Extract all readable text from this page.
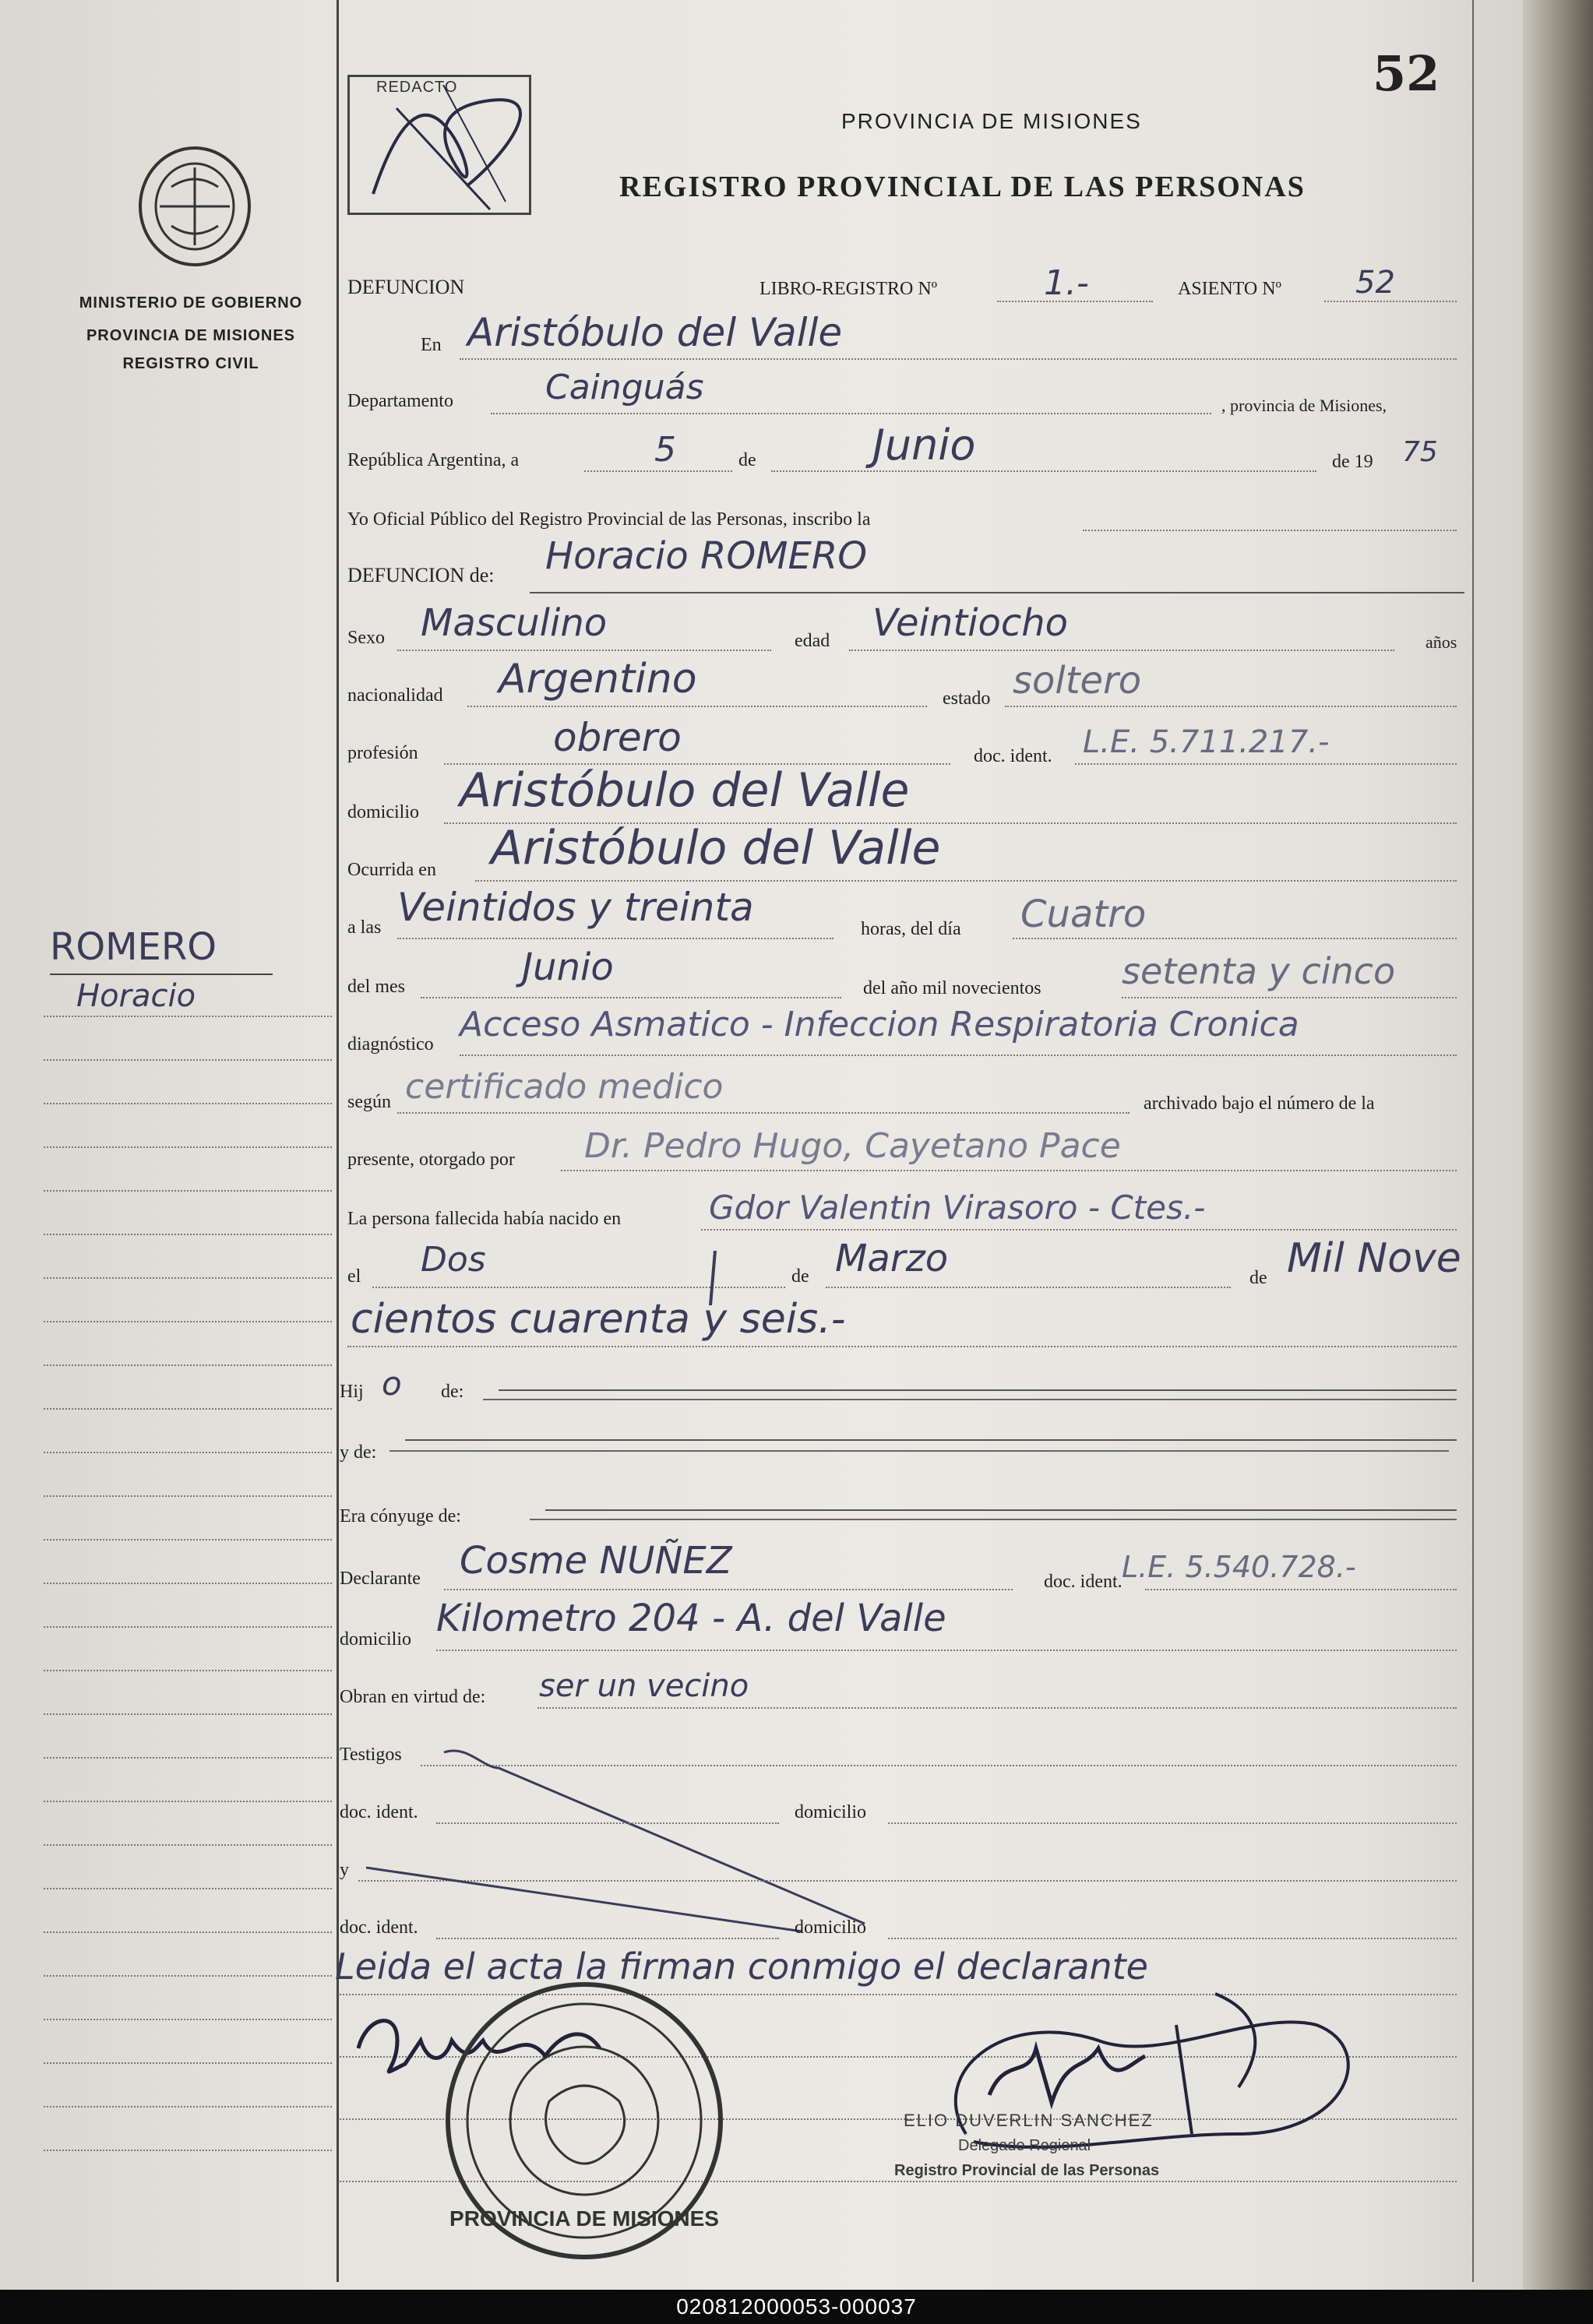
52
REDACTO
MINISTERIO DE GOBIERNO
PROVINCIA DE MISIONES
REGISTRO CIVIL
PROVINCIA DE MISIONES
REGISTRO PROVINCIAL DE LAS PERSONAS
DEFUNCION	LIBRO-REGISTRO Nº	1.-	ASIENTO Nº 52
En Aristóbulo del Valle
Departamento	Cainguás	, provincia de Misiones,
República Argentina, a	5	de	Junio	de 19 75
Yo Oficial Público del Registro Provincial de las Personas, inscribo la
DEFUNCION de: Horacio ROMERO
Sexo Masculino	edad Veintiocho	años
nacionalidad Argentino	estado soltero
profesión	obrero	doc. ident. L.E. 5.711.217.-
domicilio Aristóbulo del Valle
Ocurrida en Aristóbulo del Valle
a las Veintidos y treinta	horas, del día Cuatro
del mes	Junio	del año mil novecientos setenta y cinco
diagnóstico Acceso Asmatico - Infeccion Respiratoria Cronica
según certificado medico	archivado bajo el número de la
presente, otorgado por Dr. Pedro Hugo, Cayetano Pace
La persona fallecida había nacido en	Gdor Valentin Virasoro - Ctes.-
el Dos	de Marzo	de Mil Nove
cientos cuarenta y seis.-
Hij o de:
y de:
Era cónyuge de:
Declarante Cosme NUÑEZ	doc. ident. L.E. 5.540.728.-
domicilio Kilometro 204 - A. del Valle
Obran en virtud de: ser un vecino
Testigos
doc. ident.	domicilio
y
doc. ident.	domicilio
Leida el acta la firman conmigo el declarante
PROVINCIA DE MISIONES
ELIO DUVERLIN SANCHEZ
Delegado Regional
Registro Provincial de las Personas
ROMERO
Horacio
020812000053-000037
